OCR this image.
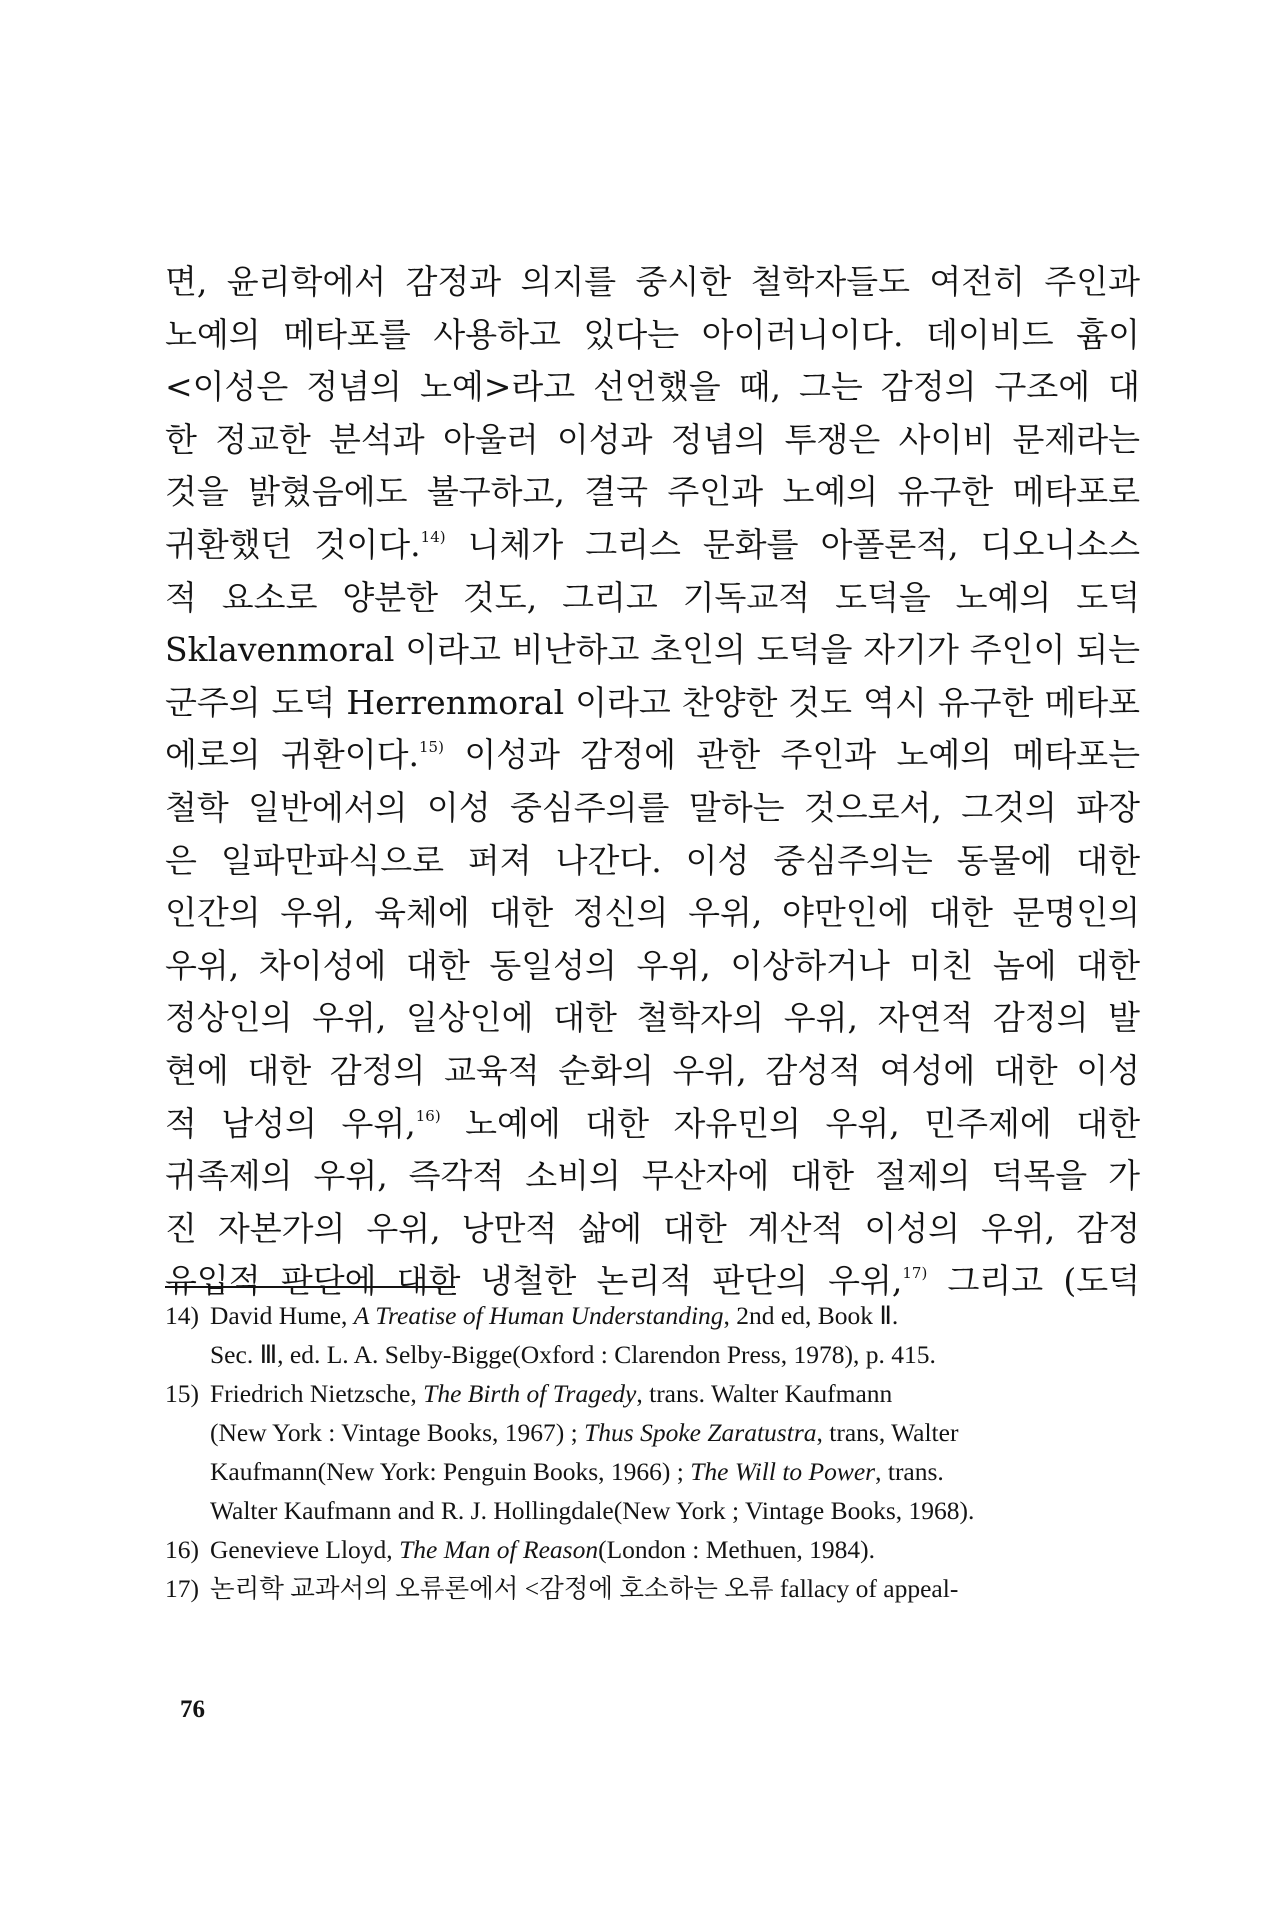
면, 윤리학에서 감정과 의지를 중시한 철학자들도 여전히 주인과
노예의 메타포를 사용하고 있다는 아이러니이다. 데이비드 흄이
<이성은 정념의 노예>라고 선언했을 때, 그는 감정의 구조에 대
한 정교한 분석과 아울러 이성과 정념의 투쟁은 사이비 문제라는
것을 밝혔음에도 불구하고, 결국 주인과 노예의 유구한 메타포로
귀환했던 것이다.$^{14)}$ 니체가 그리스 문화를 아폴론적, 디오니소스
적 요소로 양분한 것도, 그리고 기독교적 도덕을 노예의 도덕
Sklavenmoral 이라고 비난하고 초인의 도덕을 자기가 주인이 되는
군주의 도덕 Herrenmoral 이라고 찬양한 것도 역시 유구한 메타포
에로의 귀환이다.$^{15)}$ 이성과 감정에 관한 주인과 노예의 메타포는
철학 일반에서의 이성 중심주의를 말하는 것으로서, 그것의 파장
은 일파만파식으로 퍼져 나간다. 이성 중심주의는 동물에 대한
인간의 우위, 육체에 대한 정신의 우위, 야만인에 대한 문명인의
우위, 차이성에 대한 동일성의 우위, 이상하거나 미친 놈에 대한
정상인의 우위, 일상인에 대한 철학자의 우위, 자연적 감정의 발
현에 대한 감정의 교육적 순화의 우위, 감성적 여성에 대한 이성
적 남성의 우위,$^{16)}$ 노예에 대한 자유민의 우위, 민주제에 대한
귀족제의 우위, 즉각적 소비의 무산자에 대한 절제의 덕목을 가
진 자본가의 우위, 낭만적 삶에 대한 계산적 이성의 우위, 감정
유입적 판단에 대한 냉철한 논리적 판단의 우위,$^{17)}$ 그리고 (도덕
14) David Hume, A Treatise of Human Understanding, 2nd ed, Book Ⅱ.
Sec. Ⅲ, ed. L. A. Selby-Bigge(Oxford : Clarendon Press, 1978), p. 415.
15) Friedrich Nietzsche, The Birth of Tragedy, trans. Walter Kaufmann
(New York : Vintage Books, 1967) ; Thus Spoke Zaratustra, trans, Walter
Kaufmann(New York: Penguin Books, 1966) ; The Will to Power, trans.
Walter Kaufmann and R. J. Hollingdale(New York ; Vintage Books, 1968).
16) Genevieve Lloyd, The Man of Reason(London : Methuen, 1984).
17) 논리학 교과서의 오류론에서 <감정에 호소하는 오류 fallacy of appeal-
76
